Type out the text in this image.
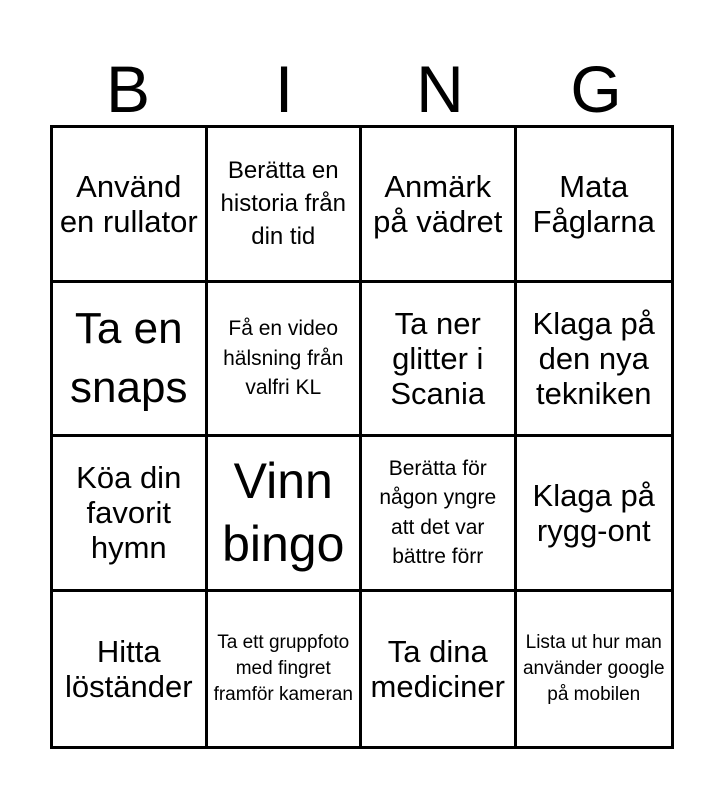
B	I	N	G
Använd en rullator
Berätta en historia från din tid
Anmärk på vädret
Mata Fåglarna
Ta en snaps
Få en video hälsning från valfri KL
Ta ner glitter i Scania
Klaga på den nya tekniken
Köa din favorit hymn
Vinn bingo
Berätta för någon yngre att det var bättre förr
Klaga på rygg-ont
Hitta löständer
Ta ett gruppfoto med fingret framför kameran
Ta dina mediciner
Lista ut hur man använder google på mobilen
